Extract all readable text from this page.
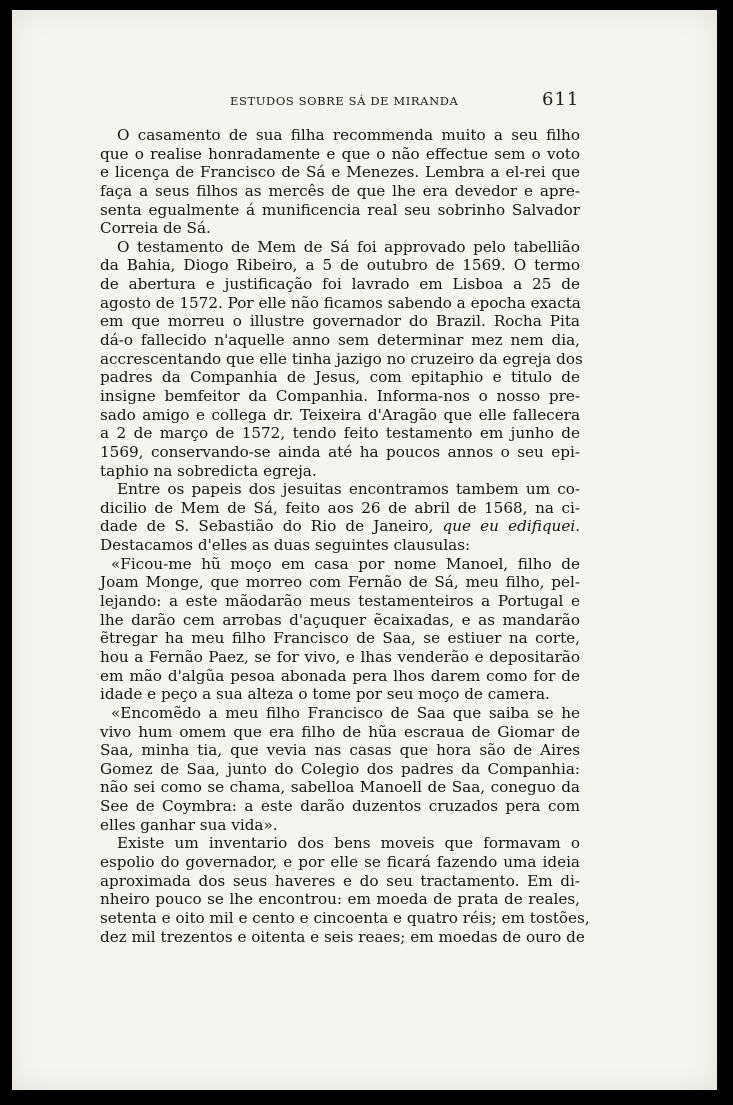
ESTUDOS SOBRE SÁ DE MIRANDA	611
O casamento de sua filha recommenda muito a seu filho
que o realise honradamente e que o não effectue sem o voto
e licença de Francisco de Sá e Menezes. Lembra a el-rei que
faça a seus filhos as mercês de que lhe era devedor e apre-
senta egualmente á munificencia real seu sobrinho Salvador
Correia de Sá.
O testamento de Mem de Sá foi approvado pelo tabellião
da Bahia, Diogo Ribeiro, a 5 de outubro de 1569. O termo
de abertura e justificação foi lavrado em Lisboa a 25 de
agosto de 1572. Por elle não ficamos sabendo a epocha exacta
em que morreu o illustre governador do Brazil. Rocha Pita
dá-o fallecido n'aquelle anno sem determinar mez nem dia,
accrescentando que elle tinha jazigo no cruzeiro da egreja dos
padres da Companhia de Jesus, com epitaphio e titulo de
insigne bemfeitor da Companhia. Informa-nos o nosso pre-
sado amigo e collega dr. Teixeira d'Aragão que elle fallecera
a 2 de março de 1572, tendo feito testamento em junho de
1569, conservando-se ainda até ha poucos annos o seu epi-
taphio na sobredicta egreja.
Entre os papeis dos jesuitas encontramos tambem um co-
dicilio de Mem de Sá, feito aos 26 de abril de 1568, na ci-
dade de S. Sebastião do Rio de Janeiro, que eu edifiquei.
Destacamos d'elles as duas seguintes clausulas:
«Ficou-me hũ moço em casa por nome Manoel, filho de
Joam Monge, que morreo com Fernão de Sá, meu filho, pel-
lejando: a este mãodarão meus testamenteiros a Portugal e
lhe darão cem arrobas d'açuquer ẽcaixadas, e as mandarão
ẽtregar ha meu filho Francisco de Saa, se estiuer na corte,
hou a Fernão Paez, se for vivo, e lhas venderão e depositarão
em mão d'algũa pesoa abonada pera lhos darem como for de
idade e peço a sua alteza o tome por seu moço de camera.
«Encomẽdo a meu filho Francisco de Saa que saiba se he
vivo hum omem que era filho de hũa escraua de Giomar de
Saa, minha tia, que vevia nas casas que hora são de Aires
Gomez de Saa, junto do Colegio dos padres da Companhia:
não sei como se chama, sabelloa Manoell de Saa, coneguo da
See de Coymbra: a este darão duzentos cruzados pera com
elles ganhar sua vida».
Existe um inventario dos bens moveis que formavam o
espolio do governador, e por elle se ficará fazendo uma ideia
aproximada dos seus haveres e do seu tractamento. Em di-
nheiro pouco se lhe encontrou: em moeda de prata de reales,
setenta e oito mil e cento e cincoenta e quatro réis; em tostões,
dez mil trezentos e oitenta e seis reaes; em moedas de ouro de
